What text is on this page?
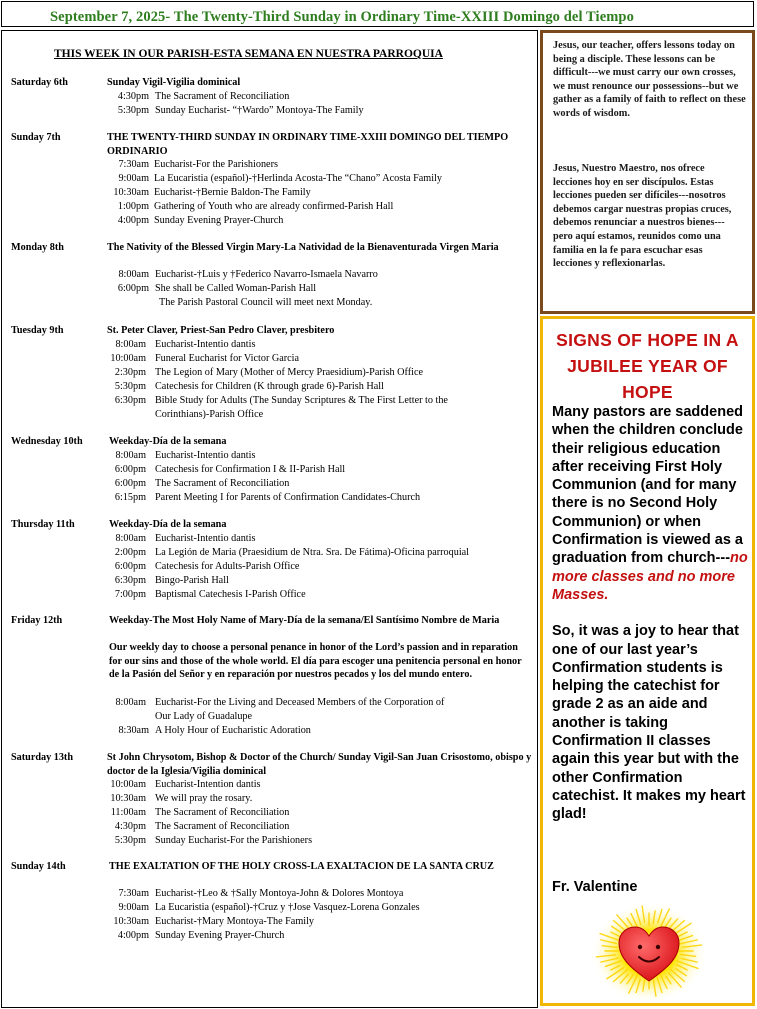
September 7, 2025- The Twenty-Third Sunday in Ordinary Time-XXIII Domingo del Tiempo
THIS WEEK IN OUR PARISH-ESTA SEMANA EN NUESTRA PARROQUIA
Saturday 6th	Sunday Vigil-Vigilia dominical
4:30pm The Sacrament of Reconciliation
5:30pm Sunday Eucharist- “†Wardo” Montoya-The Family
Sunday 7th	THE TWENTY-THIRD SUNDAY IN ORDINARY TIME-XXIII DOMINGO DEL TIEMPO ORDINARIO
7:30am Eucharist-For the Parishioners
9:00am La Eucaristia (español)-†Herlinda Acosta-The “Chano” Acosta Family
10:30am Eucharist-†Bernie Baldon-The Family
1:00pm Gathering of Youth who are already confirmed-Parish Hall
4:00pm Sunday Evening Prayer-Church
Monday 8th	The Nativity of the Blessed Virgin Mary-La Natividad de la Bienaventurada Virgen Maria
8:00am Eucharist-†Luis y †Federico Navarro-Ismaela Navarro
6:00pm She shall be Called Woman-Parish Hall
The Parish Pastoral Council will meet next Monday.
Tuesday 9th	St. Peter Claver, Priest-San Pedro Claver, presbitero
8:00am Eucharist-Intentio dantis
10:00am Funeral Eucharist for Victor Garcia
2:30pm The Legion of Mary (Mother of Mercy Praesidium)-Parish Office
5:30pm Catechesis for Children (K through grade 6)-Parish Hall
6:30pm Bible Study for Adults (The Sunday Scriptures & The First Letter to the
Corinthians)-Parish Office
Wednesday 10th	Weekday-Día de la semana
8:00am Eucharist-Intentio dantis
6:00pm Catechesis for Confirmation I & II-Parish Hall
6:00pm The Sacrament of Reconciliation
6:15pm Parent Meeting I for Parents of Confirmation Candidates-Church
Thursday 11th	Weekday-Día de la semana
8:00am Eucharist-Intentio dantis
2:00pm La Legión de Maria (Praesidium de Ntra. Sra. De Fátima)-Oficina parroquial
6:00pm Catechesis for Adults-Parish Office
6:30pm Bingo-Parish Hall
7:00pm Baptismal Catechesis I-Parish Office
Friday 12th	Weekday-The Most Holy Name of Mary-Día de la semana/El Santísimo Nombre de Maria
Our weekly day to choose a personal penance in honor of the Lord’s passion and in reparation for our sins and those of the whole world. El día para escoger una penitencia personal en honor de la Pasión del Señor y en reparación por nuestros pecados y los del mundo entero.
8:00am Eucharist-For the Living and Deceased Members of the Corporation of
Our Lady of Guadalupe
8:30am A Holy Hour of Eucharistic Adoration
Saturday 13th	St John Chrysotom, Bishop & Doctor of the Church/ Sunday Vigil-San Juan Crisostomo, obispo y doctor de la Iglesia/Vigilia dominical
10:00am Eucharist-Intention dantis
10:30am We will pray the rosary.
11:00am The Sacrament of Reconciliation
4:30pm The Sacrament of Reconciliation
5:30pm Sunday Eucharist-For the Parishioners
Sunday 14th	THE EXALTATION OF THE HOLY CROSS-LA EXALTACION DE LA SANTA CRUZ
7:30am Eucharist-†Leo & †Sally Montoya-John & Dolores Montoya
9:00am La Eucaristia (español)-†Cruz y †Jose Vasquez-Lorena Gonzales
10:30am Eucharist-†Mary Montoya-The Family
4:00pm Sunday Evening Prayer-Church
Jesus, our teacher, offers lessons today on being a disciple. These lessons can be difficult---we must carry our own crosses, we must renounce our possessions--but we gather as a family of faith to reflect on these words of wisdom.
Jesus, Nuestro Maestro, nos ofrece lecciones hoy en ser discípulos. Estas lecciones pueden ser difíciles---nosotros debemos cargar nuestras propias cruces, debemos renunciar a nuestros bienes---pero aquí estamos, reunidos como una familia en la fe para escuchar esas lecciones y reflexionarlas.
SIGNS OF HOPE IN A JUBILEE YEAR OF HOPE

Many pastors are saddened when the children conclude their religious education after receiving First Holy Communion (and for many there is no Second Holy Communion) or when Confirmation is viewed as a graduation from church---no more classes and no more Masses.

So, it was a joy to hear that one of our last year’s Confirmation students is helping the catechist for grade 2 as an aide and another is taking Confirmation II classes again this year but with the other Confirmation catechist. It makes my heart glad!

Fr. Valentine
